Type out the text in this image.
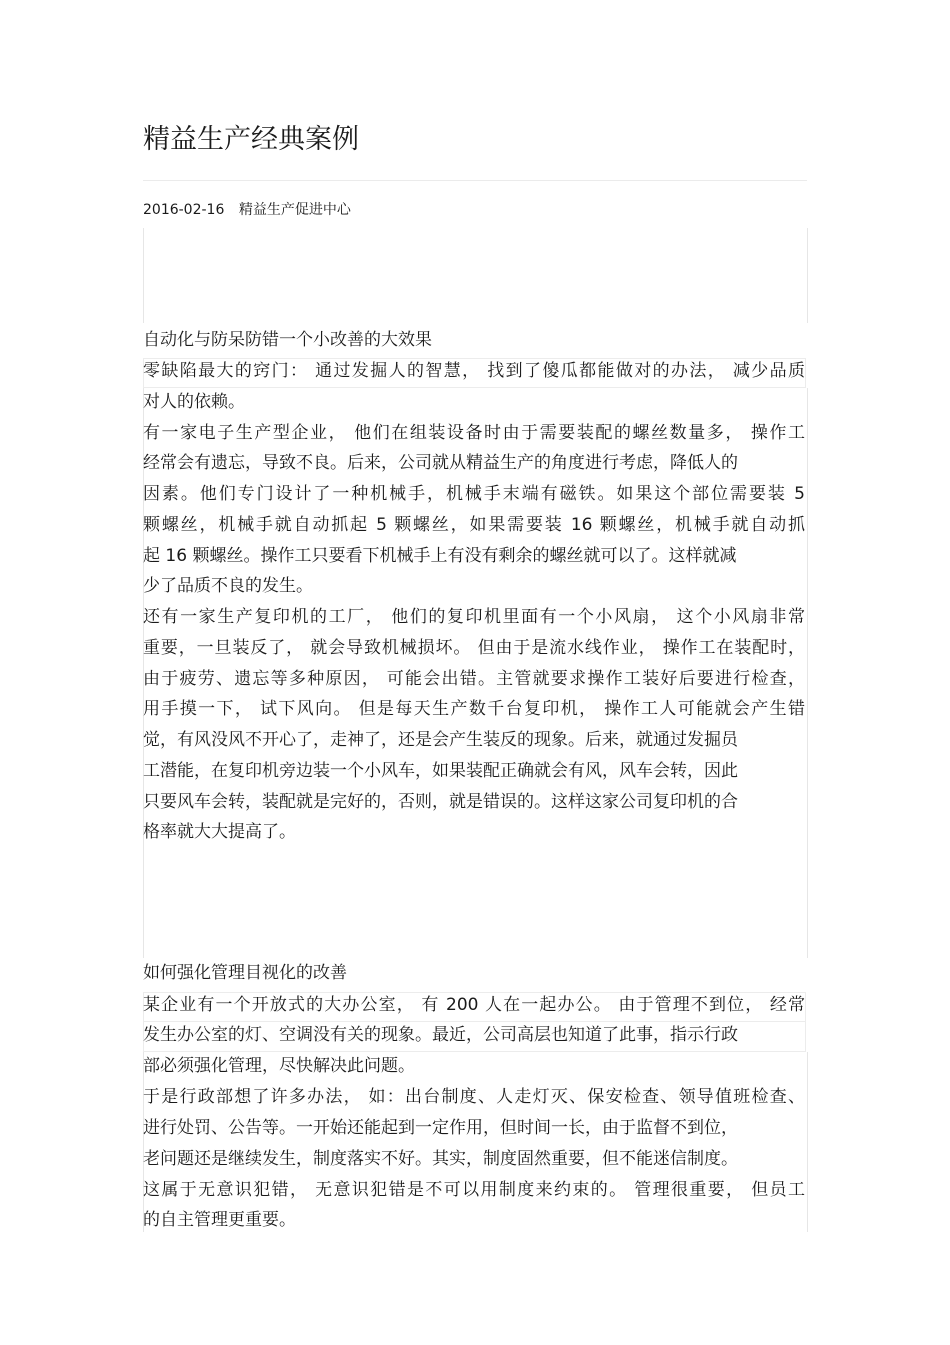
精益生产经典案例
2016-02-16 精益生产促进中心
自动化与防呆防错一个小改善的大效果
零缺陷最大的窍门： 通过发掘人的智慧， 找到了傻瓜都能做对的办法， 减少品质
对人的依赖。
有一家电子生产型企业， 他们在组装设备时由于需要装配的螺丝数量多， 操作工
经常会有遗忘，导致不良。后来，公司就从精益生产的角度进行考虑，降低人的
因素。他们专门设计了一种机械手，机械手末端有磁铁。如果这个部位需要装 5
颗螺丝，机械手就自动抓起 5 颗螺丝，如果需要装 16 颗螺丝，机械手就自动抓
起 16 颗螺丝。操作工只要看下机械手上有没有剩余的螺丝就可以了。这样就减
少了品质不良的发生。
还有一家生产复印机的工厂， 他们的复印机里面有一个小风扇， 这个小风扇非常
重要，一旦装反了， 就会导致机械损坏。 但由于是流水线作业， 操作工在装配时，
由于疲劳、遗忘等多种原因， 可能会出错。主管就要求操作工装好后要进行检查，
用手摸一下， 试下风向。 但是每天生产数千台复印机， 操作工人可能就会产生错
觉，有风没风不开心了，走神了，还是会产生装反的现象。后来，就通过发掘员
工潜能，在复印机旁边装一个小风车，如果装配正确就会有风，风车会转，因此
只要风车会转，装配就是完好的，否则，就是错误的。这样这家公司复印机的合
格率就大大提高了。
如何强化管理目视化的改善
某企业有一个开放式的大办公室， 有 200 人在一起办公。 由于管理不到位， 经常
发生办公室的灯、空调没有关的现象。最近，公司高层也知道了此事，指示行政
部必须强化管理，尽快解决此问题。
于是行政部想了许多办法， 如：出台制度、人走灯灭、保安检查、领导值班检查、
进行处罚、公告等。一开始还能起到一定作用，但时间一长，由于监督不到位，
老问题还是继续发生，制度落实不好。其实，制度固然重要，但不能迷信制度。
这属于无意识犯错， 无意识犯错是不可以用制度来约束的。 管理很重要， 但员工
的自主管理更重要。
